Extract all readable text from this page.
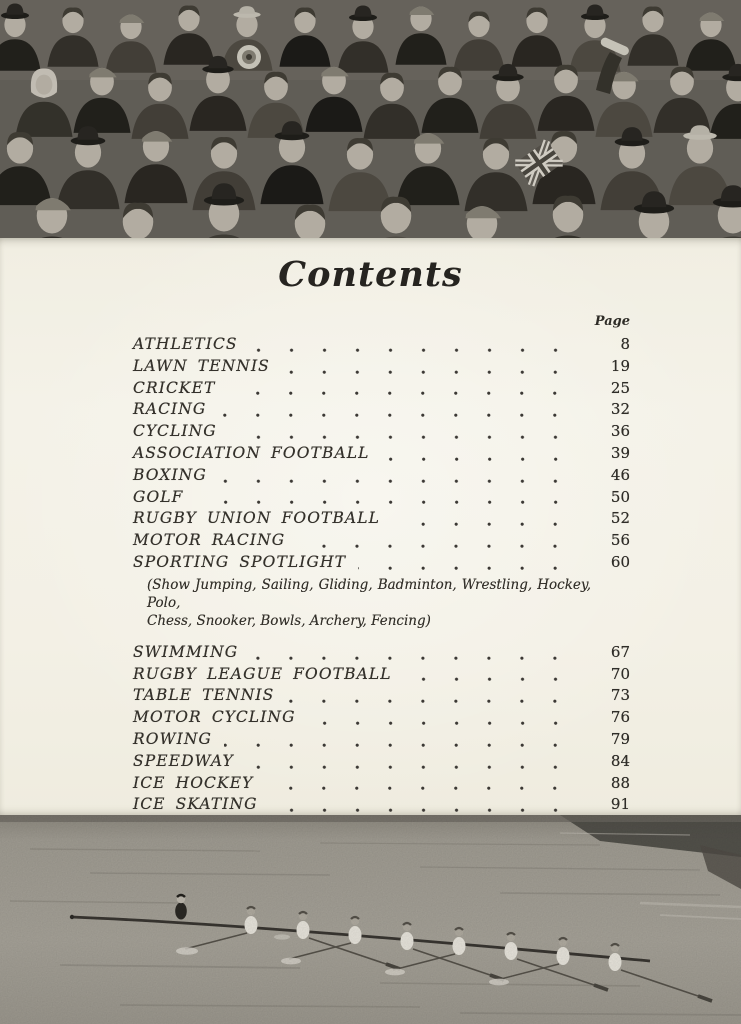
Contents
Page
ATHLETICS	8
LAWN TENNIS	19
CRICKET	25
RACING	32
CYCLING	36
ASSOCIATION FOOTBALL	39
BOXING	46
GOLF	50
RUGBY UNION FOOTBALL	52
MOTOR RACING	56
SPORTING SPOTLIGHT	60
(Show Jumping, Sailing, Gliding, Badminton, Wrestling, Hockey, Polo,
Chess, Snooker, Bowls, Archery, Fencing)
SWIMMING	67
RUGBY LEAGUE FOOTBALL	70
TABLE TENNIS	73
MOTOR CYCLING	76
ROWING	79
SPEEDWAY	84
ICE HOCKEY	88
ICE SKATING	91
